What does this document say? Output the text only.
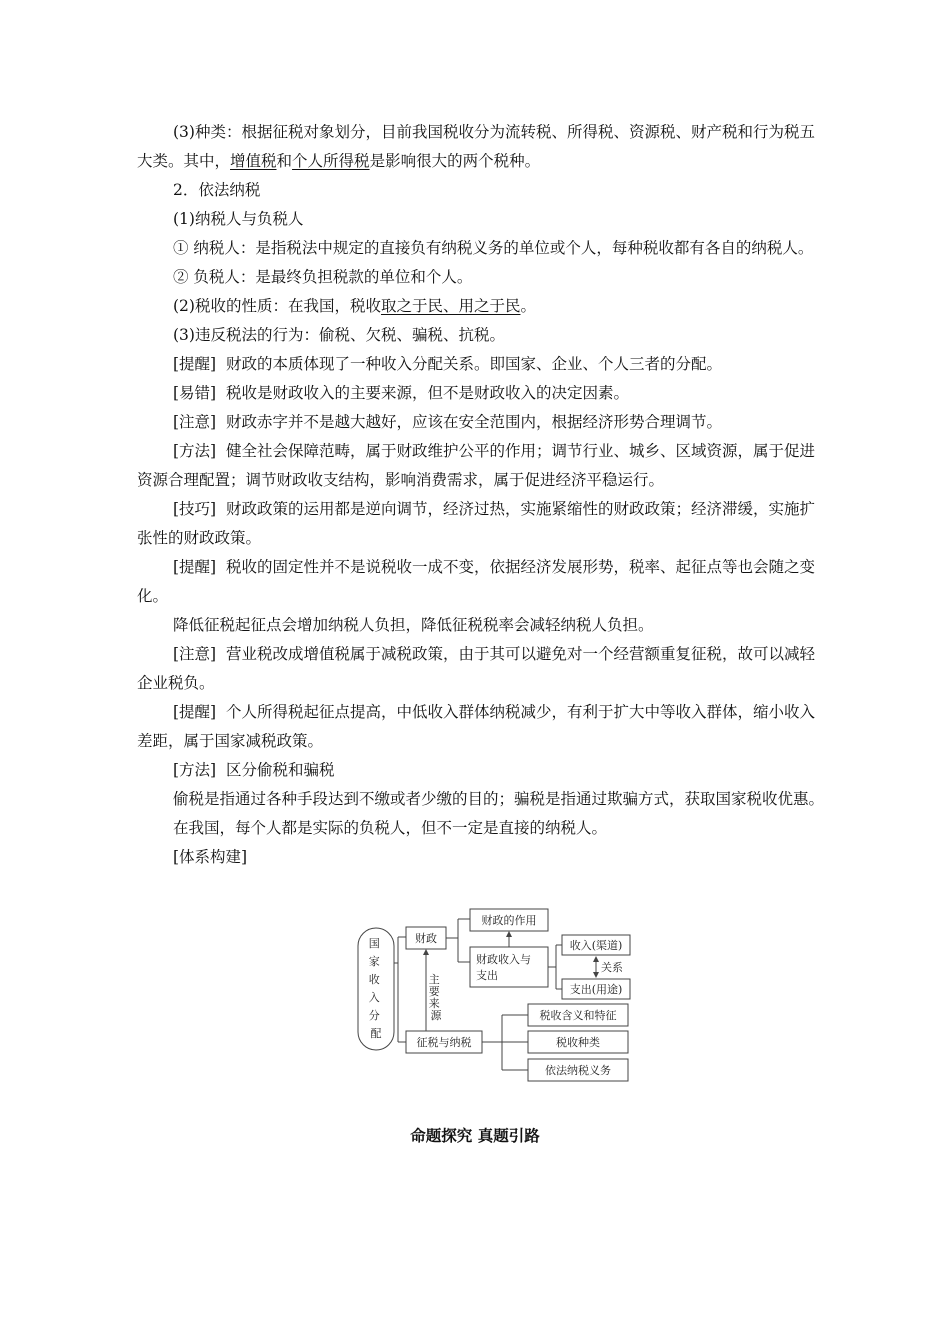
(3)种类：根据征税对象划分，目前我国税收分为流转税、所得税、资源税、财产税和行为税五大类。其中，增值税和个人所得税是影响很大的两个税种。

2．依法纳税

(1)纳税人与负税人

① 纳税人：是指税法中规定的直接负有纳税义务的单位或个人，每种税收都有各自的纳税人。

② 负税人：是最终负担税款的单位和个人。

(2)税收的性质：在我国，税收取之于民、用之于民。

(3)违反税法的行为：偷税、欠税、骗税、抗税。

[提醒] 财政的本质体现了一种收入分配关系。即国家、企业、个人三者的分配。

[易错] 税收是财政收入的主要来源，但不是财政收入的决定因素。

[注意] 财政赤字并不是越大越好，应该在安全范围内，根据经济形势合理调节。

[方法] 健全社会保障范畴，属于财政维护公平的作用；调节行业、城乡、区域资源，属于促进资源合理配置；调节财政收支结构，影响消费需求，属于促进经济平稳运行。

[技巧] 财政政策的运用都是逆向调节，经济过热，实施紧缩性的财政政策；经济滞缓，实施扩张性的财政政策。

[提醒] 税收的固定性并不是说税收一成不变，依据经济发展形势，税率、起征点等也会随之变化。

降低征税起征点会增加纳税人负担，降低征税税率会减轻纳税人负担。

[注意] 营业税改成增值税属于减税政策，由于其可以避免对一个经营额重复征税，故可以减轻企业税负。

[提醒] 个人所得税起征点提高，中低收入群体纳税减少，有利于扩大中等收入群体，缩小收入差距，属于国家减税政策。

[方法] 区分偷税和骗税

偷税是指通过各种手段达到不缴或者少缴的目的；骗税是指通过欺骗方式，获取国家税收优惠。

在我国，每个人都是实际的负税人，但不一定是直接的纳税人。

[体系构建]

国 家 收 入 分 配
财政
财政的作用
财政收入与
支出
收入(渠道)
支出(用途)
关系
主 要 来 源
征税与纳税
税收含义和特征
税收种类
依法纳税义务
命题探究 真题引路
